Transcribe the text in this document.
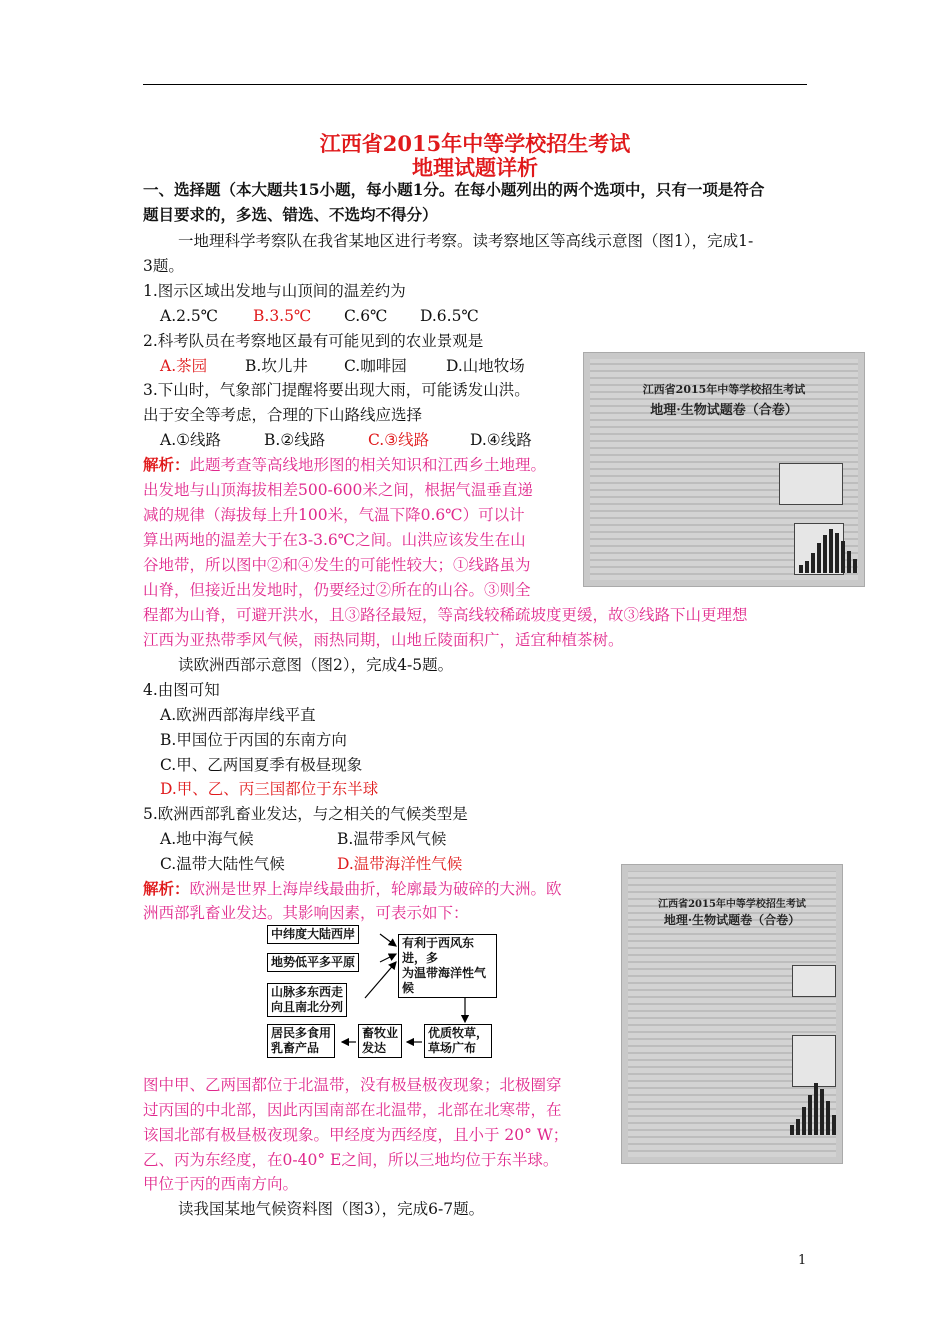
江西省2015年中等学校招生考试
地理试题详析
一、选择题（本大题共15小题，每小题1分。在每小题列出的两个选项中，只有一项是符合
题目要求的，多选、错选、不选均不得分）
一地理科学考察队在我省某地区进行考察。读考察地区等高线示意图（图1），完成1-
3题。
1.图示区域出发地与山顶间的温差约为
A.2.5℃ B.3.5℃ C.6℃ D.6.5℃
2.科考队员在考察地区最有可能见到的农业景观是
A.茶园 B.坎儿井 C.咖啡园	D.山地牧场
3.下山时，气象部门提醒将要出现大雨，可能诱发山洪。
出于安全等考虑，合理的下山路线应选择
A.①线路	B.②线路	C.③线路	D.④线路
解析：此题考查等高线地形图的相关知识和江西乡土地理。
出发地与山顶海拔相差500-600米之间，根据气温垂直递
减的规律（海拔每上升100米，气温下降0.6℃）可以计
算出两地的温差大于在3-3.6℃之间。山洪应该发生在山
谷地带，所以图中②和④发生的可能性较大；①线路虽为
山脊，但接近出发地时，仍要经过②所在的山谷。③则全
程都为山脊，可避开洪水，且③路径最短，等高线较稀疏坡度更缓，故③线路下山更理想
江西为亚热带季风气候，雨热同期，山地丘陵面积广，适宜种植茶树。
江西省2015年中等学校招生考试
地理·生物试题卷（合卷）
读欧洲西部示意图（图2），完成4-5题。
4.由图可知
A.欧洲西部海岸线平直
B.甲国位于丙国的东南方向
C.甲、乙两国夏季有极昼现象
D.甲、乙、丙三国都位于东半球
5.欧洲西部乳畜业发达，与之相关的气候类型是
A.地中海气候	B.温带季风气候
C.温带大陆性气候	D.温带海洋性气候
解析：欧洲是世界上海岸线最曲折，轮廓最为破碎的大洲。欧
洲西部乳畜业发达。其影响因素，可表示如下：
中纬度大陆西岸
地势低平多平原
山脉多东西走
向且南北分列
有利于西风东进，多
为温带海洋性气候
优质牧草，
草场广布
畜牧业
发达
居民多食用
乳畜产品
江西省2015年中等学校招生考试
地理·生物试题卷（合卷）
图中甲、乙两国都位于北温带，没有极昼极夜现象；北极圈穿
过丙国的中北部，因此丙国南部在北温带，北部在北寒带，在
该国北部有极昼极夜现象。甲经度为西经度，且小于 20° W；
乙、丙为东经度，在0-40° E之间，所以三地均位于东半球。
甲位于丙的西南方向。
读我国某地气候资料图（图3），完成6-7题。
1
